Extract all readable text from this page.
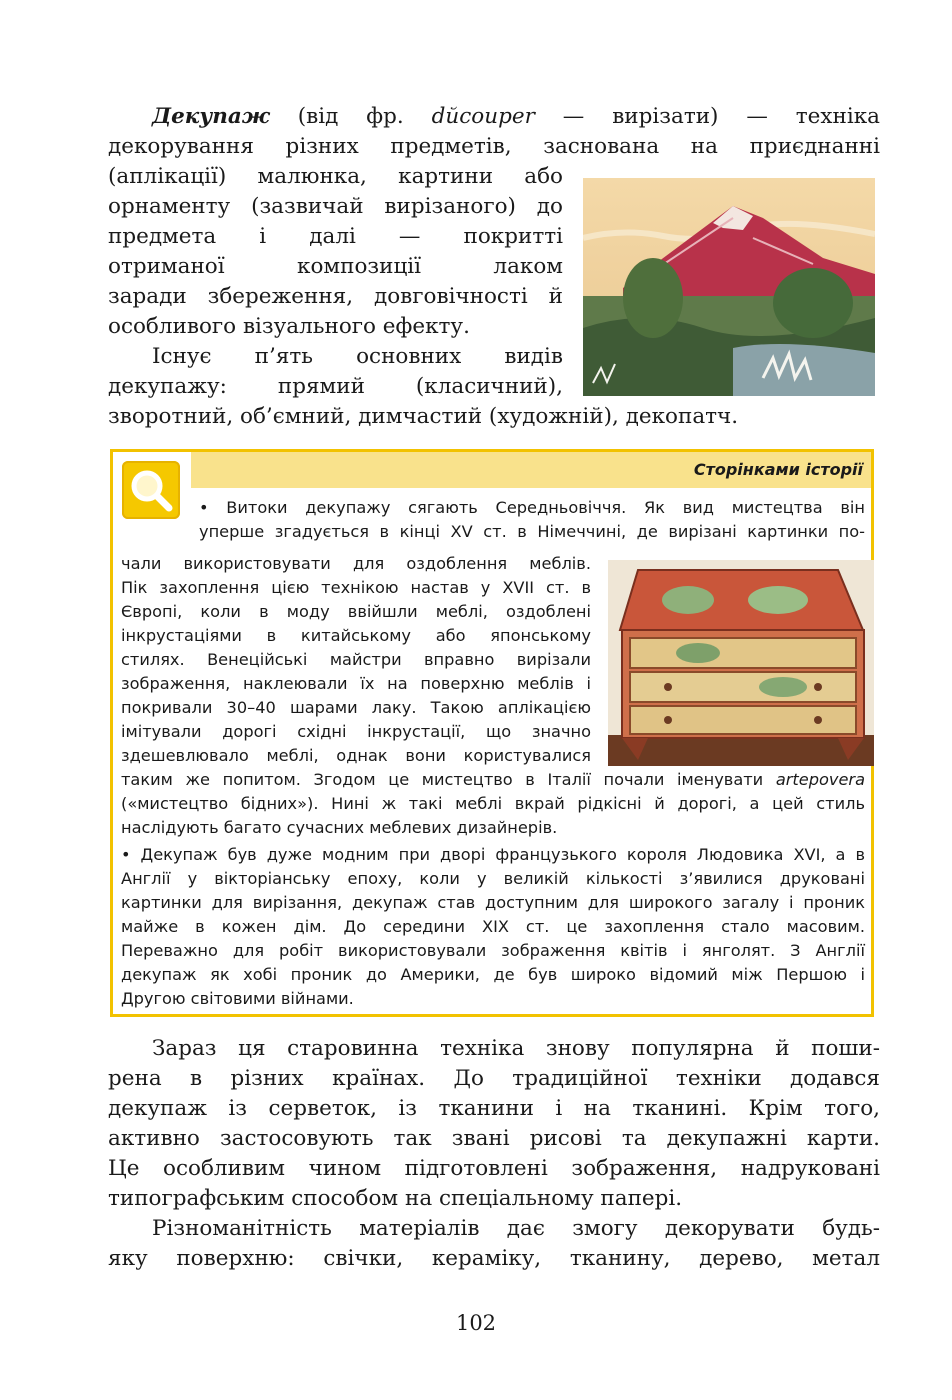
Декупаж (від фр. dйcouper — вирізати) — техніка
декорування різних предметів, заснована на приєднанні
(аплікації) малюнка, картини або
орнаменту (зазвичай вирізаного) до
предмета і далі — покритті
отриманої композиції лаком
заради збереження, довговічності й
особливого візуального ефекту.
Існує п’ять основних видів
декупажу: прямий (класичний),
зворотний, об’ємний, димчастий (художній), декопатч.
Сторінками історії
• Витоки декупажу сягають Середньовіччя. Як вид мистецтва він
уперше згадується в кінці XV ст. в Німеччині, де вирізані картинки по-
чали використовувати для оздоблення меблів.
Пік захоплення цією технікою настав у XVII ст. в
Європі, коли в моду ввійшли меблі, оздоблені
інкрустаціями в китайському або японському
стилях. Венеційські майстри вправно вирізали
зображення, наклеювали їх на поверхню меблів і
покривали 30–40 шарами лаку. Такою аплікацією
імітували дорогі східні інкрустації, що значно
здешевлювало меблі, однак вони користувалися
таким же попитом. Згодом це мистецтво в Італії почали іменувати artepovera
(«мистецтво бідних»). Нині ж такі меблі вкрай рідкісні й дорогі, а цей стиль
наслідують багато сучасних меблевих дизайнерів.
• Декупаж був дуже модним при дворі французького короля Людовика XVI, а в
Англії у вікторіанську епоху, коли у великій кількості з’явилися друковані
картинки для вирізання, декупаж став доступним для широкого загалу і проник
майже в кожен дім. До середини XIX ст. це захоплення стало масовим.
Переважно для робіт використовували зображення квітів і янголят. З Англії
декупаж як хобі проник до Америки, де був широко відомий між Першою і
Другою світовими війнами.
Зараз ця старовинна техніка знову популярна й поши-
рена в різних країнах. До традиційної техніки додався
декупаж із серветок, із тканини і на тканині. Крім того,
активно застосовують так звані рисові та декупажні карти.
Це особливим чином підготовлені зображення, надруковані
типографським способом на спеціальному папері.
Різноманітність матеріалів дає змогу декорувати будь-
яку поверхню: свічки, кераміку, тканину, дерево, метал
102
